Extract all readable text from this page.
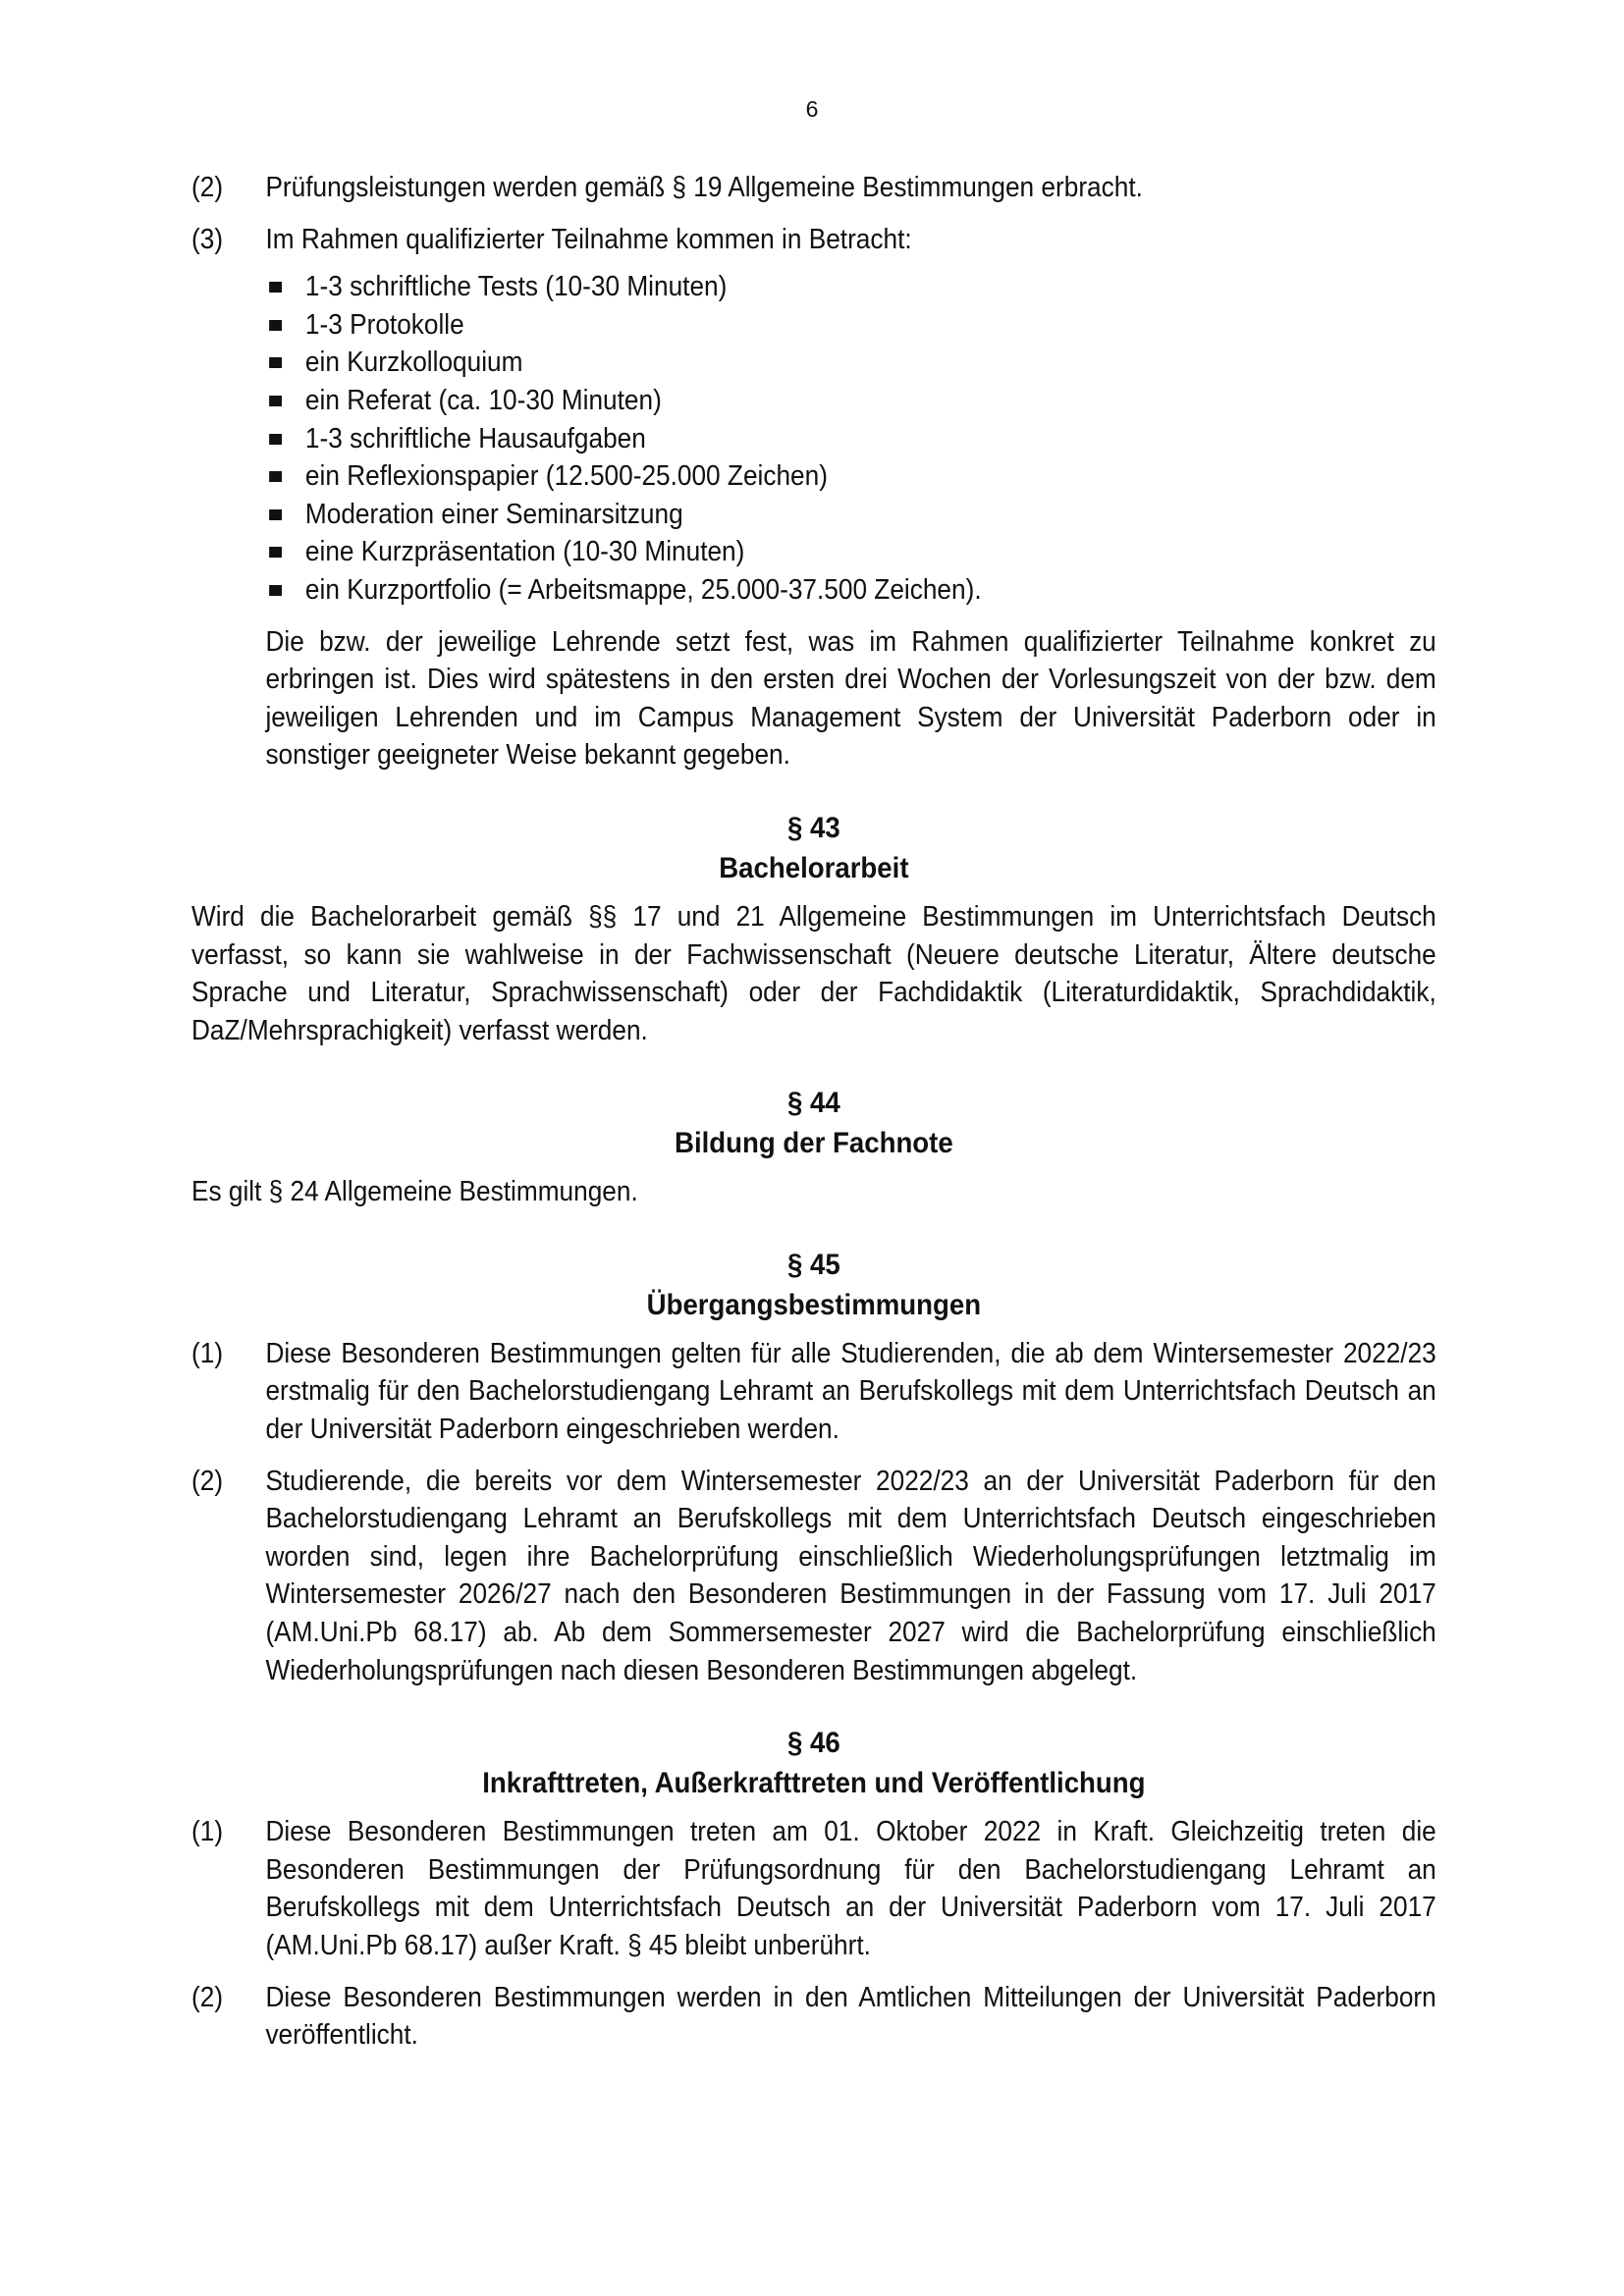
6
(2)	Prüfungsleistungen werden gemäß § 19 Allgemeine Bestimmungen erbracht.
(3)	Im Rahmen qualifizierter Teilnahme kommen in Betracht:
1-3 schriftliche Tests (10-30 Minuten)
1-3 Protokolle
ein Kurzkolloquium
ein Referat (ca. 10-30 Minuten)
1-3 schriftliche Hausaufgaben
ein Reflexionspapier (12.500-25.000 Zeichen)
Moderation einer Seminarsitzung
eine Kurzpräsentation (10-30 Minuten)
ein Kurzportfolio (= Arbeitsmappe, 25.000-37.500 Zeichen).
Die bzw. der jeweilige Lehrende setzt fest, was im Rahmen qualifizierter Teilnahme konkret zu erbringen ist. Dies wird spätestens in den ersten drei Wochen der Vorlesungszeit von der bzw. dem jeweiligen Lehrenden und im Campus Management System der Universität Paderborn oder in sonstiger geeigneter Weise bekannt gegeben.
§ 43
Bachelorarbeit
Wird die Bachelorarbeit gemäß §§ 17 und 21 Allgemeine Bestimmungen im Unterrichtsfach Deutsch verfasst, so kann sie wahlweise in der Fachwissenschaft (Neuere deutsche Literatur, Ältere deutsche Sprache und Literatur, Sprachwissenschaft) oder der Fachdidaktik (Literaturdidaktik, Sprachdidaktik, DaZ/Mehrsprachigkeit) verfasst werden.
§ 44
Bildung der Fachnote
Es gilt § 24 Allgemeine Bestimmungen.
§ 45
Übergangsbestimmungen
(1)	Diese Besonderen Bestimmungen gelten für alle Studierenden, die ab dem Wintersemester 2022/23 erstmalig für den Bachelorstudiengang Lehramt an Berufskollegs mit dem Unterrichtsfach Deutsch an der Universität Paderborn eingeschrieben werden.
(2)	Studierende, die bereits vor dem Wintersemester 2022/23 an der Universität Paderborn für den Bachelorstudiengang Lehramt an Berufskollegs mit dem Unterrichtsfach Deutsch eingeschrieben worden sind, legen ihre Bachelorprüfung einschließlich Wiederholungsprüfungen letztmalig im Wintersemester 2026/27 nach den Besonderen Bestimmungen in der Fassung vom 17. Juli 2017 (AM.Uni.Pb 68.17) ab. Ab dem Sommersemester 2027 wird die Bachelorprüfung einschließlich Wiederholungsprüfungen nach diesen Besonderen Bestimmungen abgelegt.
§ 46
Inkrafttreten, Außerkrafttreten und Veröffentlichung
(1)	Diese Besonderen Bestimmungen treten am 01. Oktober 2022 in Kraft. Gleichzeitig treten die Besonderen Bestimmungen der Prüfungsordnung für den Bachelorstudiengang Lehramt an Berufskollegs mit dem Unterrichtsfach Deutsch an der Universität Paderborn vom 17. Juli 2017 (AM.Uni.Pb 68.17) außer Kraft. § 45 bleibt unberührt.
(2)	Diese Besonderen Bestimmungen werden in den Amtlichen Mitteilungen der Universität Paderborn veröffentlicht.
